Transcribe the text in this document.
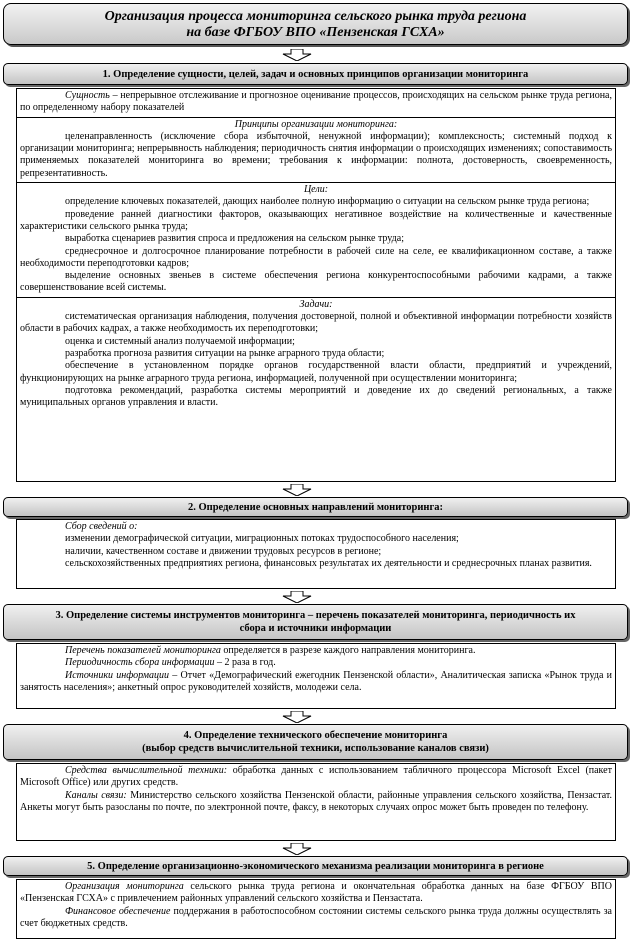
Организация процесса мониторинга сельского рынка труда региона
на базе ФГБОУ ВПО «Пензенская ГСХА»
1. Определение сущности, целей, задач и основных принципов организации мониторинга

Сущность – непрерывное отслеживание и прогнозное оценивание процессов, происходящих на сельском рынке труда региона, по определенному набору показателей

Принципы организации мониторинга:

целенаправленность (исключение сбора избыточной, ненужной информации); комплексность; системный подход к организации мониторинга; непрерывность наблюдения; периодичность снятия информации о происходящих изменениях; сопоставимость применяемых показателей мониторинга во времени; требования к информации: полнота, достоверность, своевременность, репрезентативность.

Цели:

определение ключевых показателей, дающих наиболее полную информацию о ситуации на сельском рынке труда региона;

проведение ранней диагностики факторов, оказывающих негативное воздействие на количественные и качественные характеристики сельского рынка труда;

выработка сценариев развития спроса и предложения на сельском рынке труда;

среднесрочное и долгосрочное планирование потребности в рабочей силе на селе, ее квалификационном составе, а также необходимости переподготовки кадров;

выделение основных звеньев в системе обеспечения региона конкурентоспособными рабочими кадрами, а также совершенствование всей системы.

Задачи:

систематическая организация наблюдения, получения достоверной, полной и объективной информации потребности хозяйств области в рабочих кадрах, а также необходимость их переподготовки;

оценка и системный анализ получаемой информации;

разработка прогноза развития ситуации на рынке аграрного труда области;

обеспечение в установленном порядке органов государственной власти области, предприятий и учреждений, функционирующих на рынке аграрного труда региона, информацией, полученной при осуществлении мониторинга;

подготовка рекомендаций, разработка системы мероприятий и доведение их до сведений региональных, а также муниципальных органов управления и власти.

2. Определение основных направлений мониторинга:

Сбор сведений о:

изменении демографической ситуации, миграционных потоках трудоспособного населения;

наличии, качественном составе и движении трудовых ресурсов в регионе;

сельскохозяйственных предприятиях региона, финансовых результатах их деятельности и среднесрочных планах развития.

3. Определение системы инструментов мониторинга – перечень показателей мониторинга, периодичность их
сбора и источники информации

Перечень показателей мониторинга определяется в разрезе каждого направления мониторинга.

Периодичность сбора информации – 2 раза в год.

Источники информации – Отчет «Демографический ежегодник Пензенской области», Аналитическая записка «Рынок труда и занятость населения»; анкетный опрос руководителей хозяйств, молодежи села.

4. Определение технического обеспечение мониторинга
(выбор средств вычислительной техники, использование каналов связи)

Средства вычислительной техники: обработка данных с использованием табличного процессора Microsoft Excel (пакет Microsoft Office) или других средств.

Каналы связи: Министерство сельского хозяйства Пензенской области, районные управления сельского хозяйства, Пензастат. Анкеты могут быть разосланы по почте, по электронной почте, факсу, в некоторых случаях опрос может быть проведен по телефону.

5. Определение организационно-экономического механизма реализации мониторинга в регионе

Организация мониторинга сельского рынка труда региона и окончательная обработка данных на базе ФГБОУ ВПО «Пензенская ГСХА» с привлечением районных управлений сельского хозяйства и Пензастата.

Финансовое обеспечение поддержания в работоспособном состоянии системы сельского рынка труда должны осуществлять за счет бюджетных средств.
